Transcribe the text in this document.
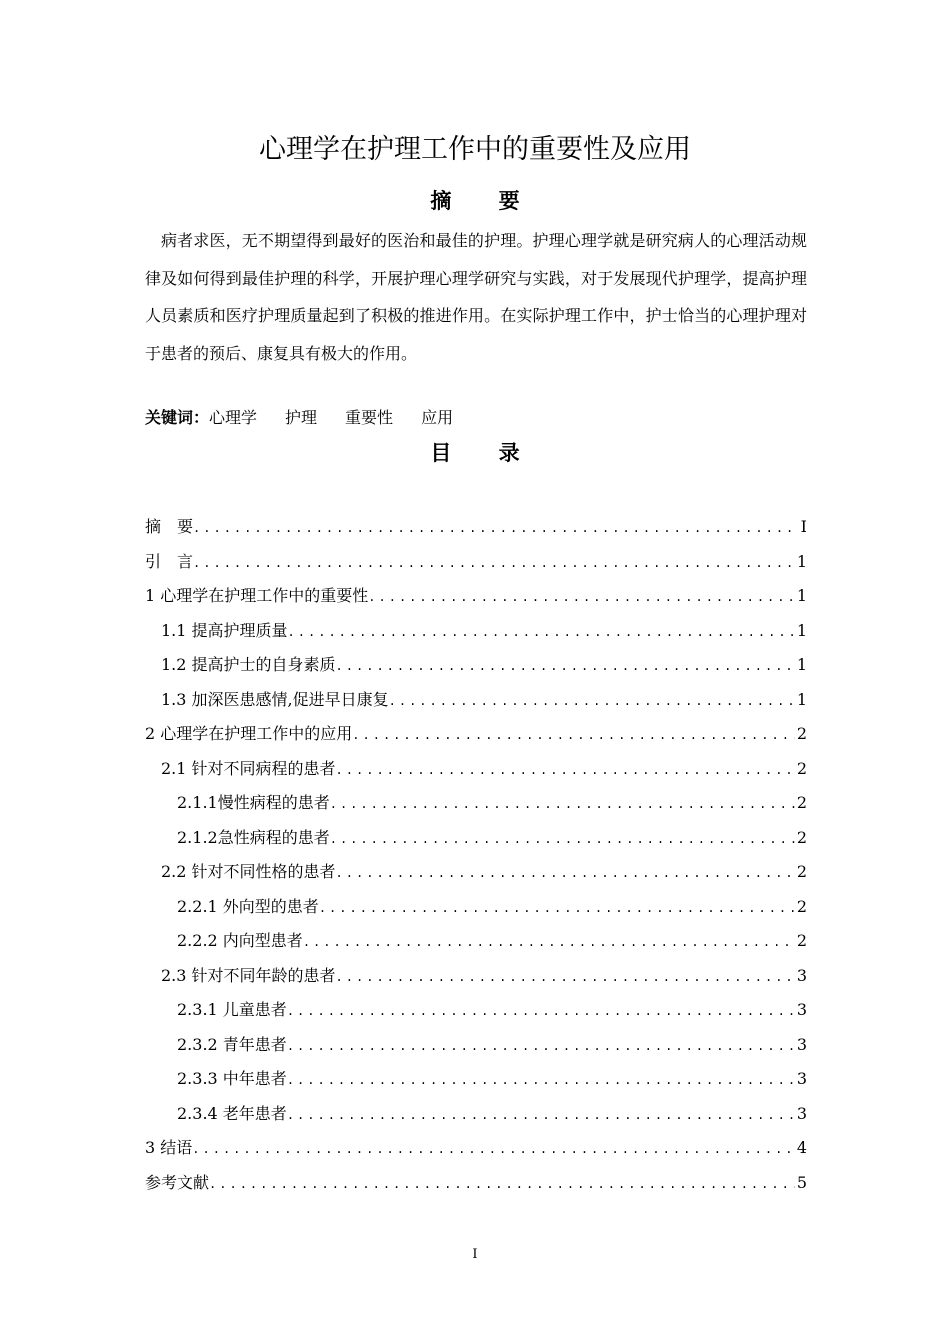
心理学在护理工作中的重要性及应用
摘 要

病者求医，无不期望得到最好的医治和最佳的护理。护理心理学就是研究病人的心理活动规律及如何得到最佳护理的科学，开展护理心理学研究与实践，对于发展现代护理学，提高护理人员素质和医疗护理质量起到了积极的推进作用。在实际护理工作中，护士恰当的心理护理对于患者的预后、康复具有极大的作用。

关键词：心理学 护理 重要性 应用
目 录
摘　要 .....	I
引　言 .....	1
1 心理学在护理工作中的重要性 .....	1
1.1 提高护理质量 .....	1
1.2 提高护士的自身素质 .....	1
1.3 加深医患感情,促进早日康复 .....	1
2 心理学在护理工作中的应用 .....	2
2.1 针对不同病程的患者 .....	2
2.1.1慢性病程的患者 .....	2
2.1.2急性病程的患者 .....	2
2.2 针对不同性格的患者 .....	2
2.2.1 外向型的患者 .....	2
2.2.2 内向型患者 .....	2
2.3 针对不同年龄的患者 .....	3
2.3.1 儿童患者 .....	3
2.3.2 青年患者 .....	3
2.3.3 中年患者 .....	3
2.3.4 老年患者 .....	3
3 结语 .....	4
参考文献 .....	5
I
